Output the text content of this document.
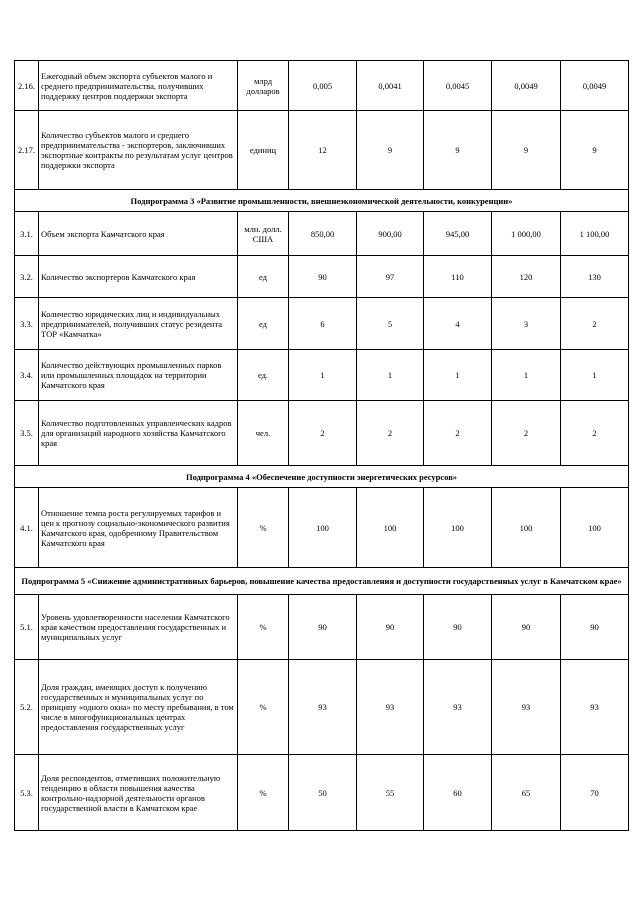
2.16.	Ежегодный объем экспорта субъектов малого и среднего предпринимательства, получивших поддержку центров поддержки экспорта	млрд долларов	0,005	0,0041	0,0045	0,0049	0,0049
2.17.	Количество субъектов малого и среднего предпринимательства - экспортеров, заключивших экспортные контракты по результатам услуг центров поддержки экспорта	единиц	12	9	9	9	9
Подпрограмма 3 «Развитие промышленности, внешнеэкономической деятельности, конкуренции»							
3.1.	Объем экспорта Камчатского края	млн. долл. США	850,00	900,00	945,00	1 000,00	1 100,00
3.2.	Количество экспортеров Камчатского края	ед	90	97	110	120	130
3.3.	Количество юридических лиц и индивидуальных предпринимателей, получивших статус резидента ТОР «Камчатка»	ед	6	5	4	3	2
3.4.	Количество действующих промышленных парков или промышленных площадок на территории Камчатского края	ед.	1	1	1	1	1
3.5.	Количество подготовленных управленческих кадров для организаций народного хозяйства Камчатского края	чел.	2	2	2	2	2
Подпрограмма 4 «Обеспечение доступности энергетических ресурсов»							
4.1.	Отношение темпа роста регулируемых тарифов и цен к прогнозу социально-экономического развития Камчатского края, одобренному Правительством Камчатского края	%	100	100	100	100	100
Подпрограмма 5 «Снижение административных барьеров, повышение качества предоставления и доступности государственных услуг в Камчатском крае»							
5.1.	Уровень удовлетворенности населения Камчатского края качеством предоставления государственных и муниципальных услуг	%	90	90	90	90	90
5.2.	Доля граждан, имеющих доступ к получению государственных и муниципальных услуг по принципу «одного окна» по месту пребывания, в том числе в многофункциональных центрах предоставления государственных услуг	%	93	93	93	93	93
5.3.	Доля респондентов, отметивших положительную тенденцию в области повышения качества контрольно-надзорной деятельности органов государственной власти в Камчатском крае	%	50	55	60	65	70
